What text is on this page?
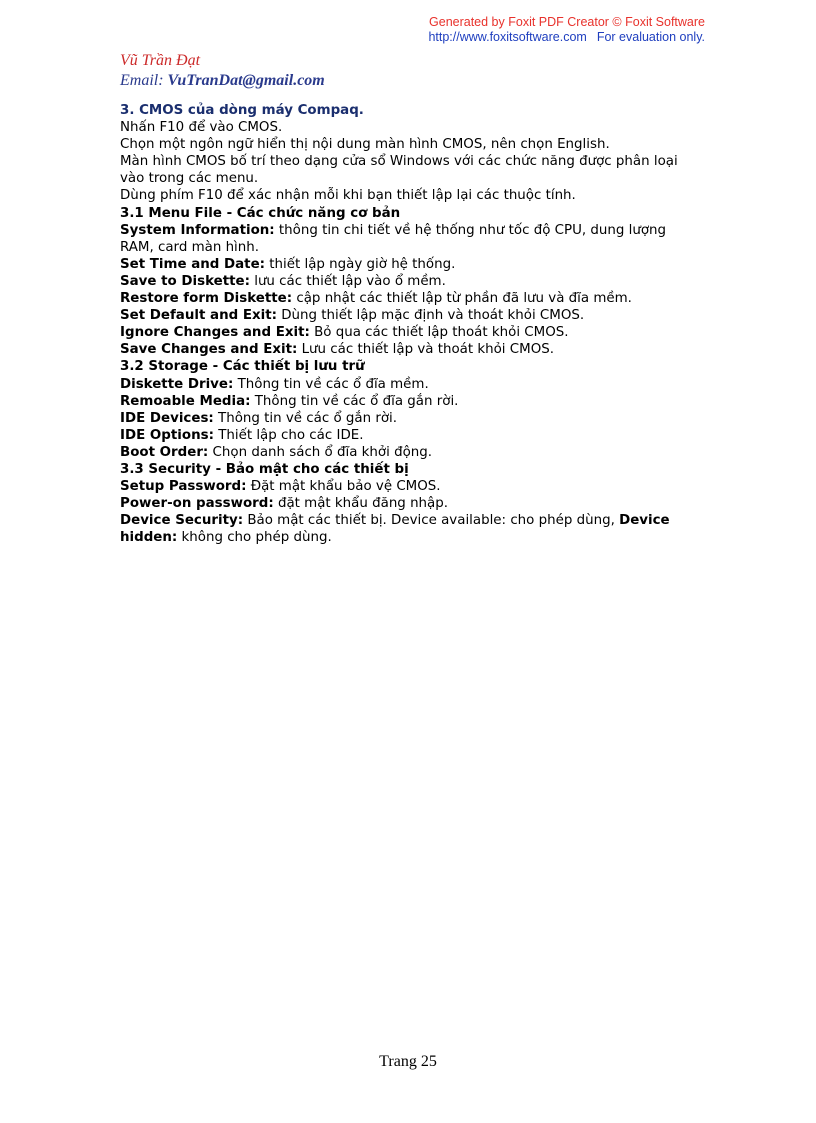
Generated by Foxit PDF Creator © Foxit Software
http://www.foxitsoftware.com For evaluation only.
Vũ Trần Đạt
Email: VuTranDat@gmail.com

3. CMOS của dòng máy Compaq.

Nhấn F10 để vào CMOS.

Chọn một ngôn ngữ hiển thị nội dung màn hình CMOS, nên chọn English.

Màn hình CMOS bố trí theo dạng cửa sổ Windows với các chức năng được phân loại vào trong các menu.

Dùng phím F10 để xác nhận mỗi khi bạn thiết lập lại các thuộc tính.

3.1 Menu File - Các chức năng cơ bản

System Information: thông tin chi tiết về hệ thống như tốc độ CPU, dung lượng RAM, card màn hình.

Set Time and Date: thiết lập ngày giờ hệ thống.

Save to Diskette: lưu các thiết lập vào ổ mềm.

Restore form Diskette: cập nhật các thiết lập từ phần đã lưu và đĩa mềm.

Set Default and Exit: Dùng thiết lập mặc định và thoát khỏi CMOS.

Ignore Changes and Exit: Bỏ qua các thiết lập thoát khỏi CMOS.

Save Changes and Exit: Lưu các thiết lập và thoát khỏi CMOS.

3.2 Storage - Các thiết bị lưu trữ

Diskette Drive: Thông tin về các ổ đĩa mềm.

Remoable Media: Thông tin về các ổ đĩa gắn rời.

IDE Devices: Thông tin về các ổ gắn rời.

IDE Options: Thiết lập cho các IDE.

Boot Order: Chọn danh sách ổ đĩa khởi động.

3.3 Security - Bảo mật cho các thiết bị

Setup Password: Đặt mật khẩu bảo vệ CMOS.

Power-on password: đặt mật khẩu đăng nhập.

Device Security: Bảo mật các thiết bị. Device available: cho phép dùng, Device hidden: không cho phép dùng.

Trang 25
